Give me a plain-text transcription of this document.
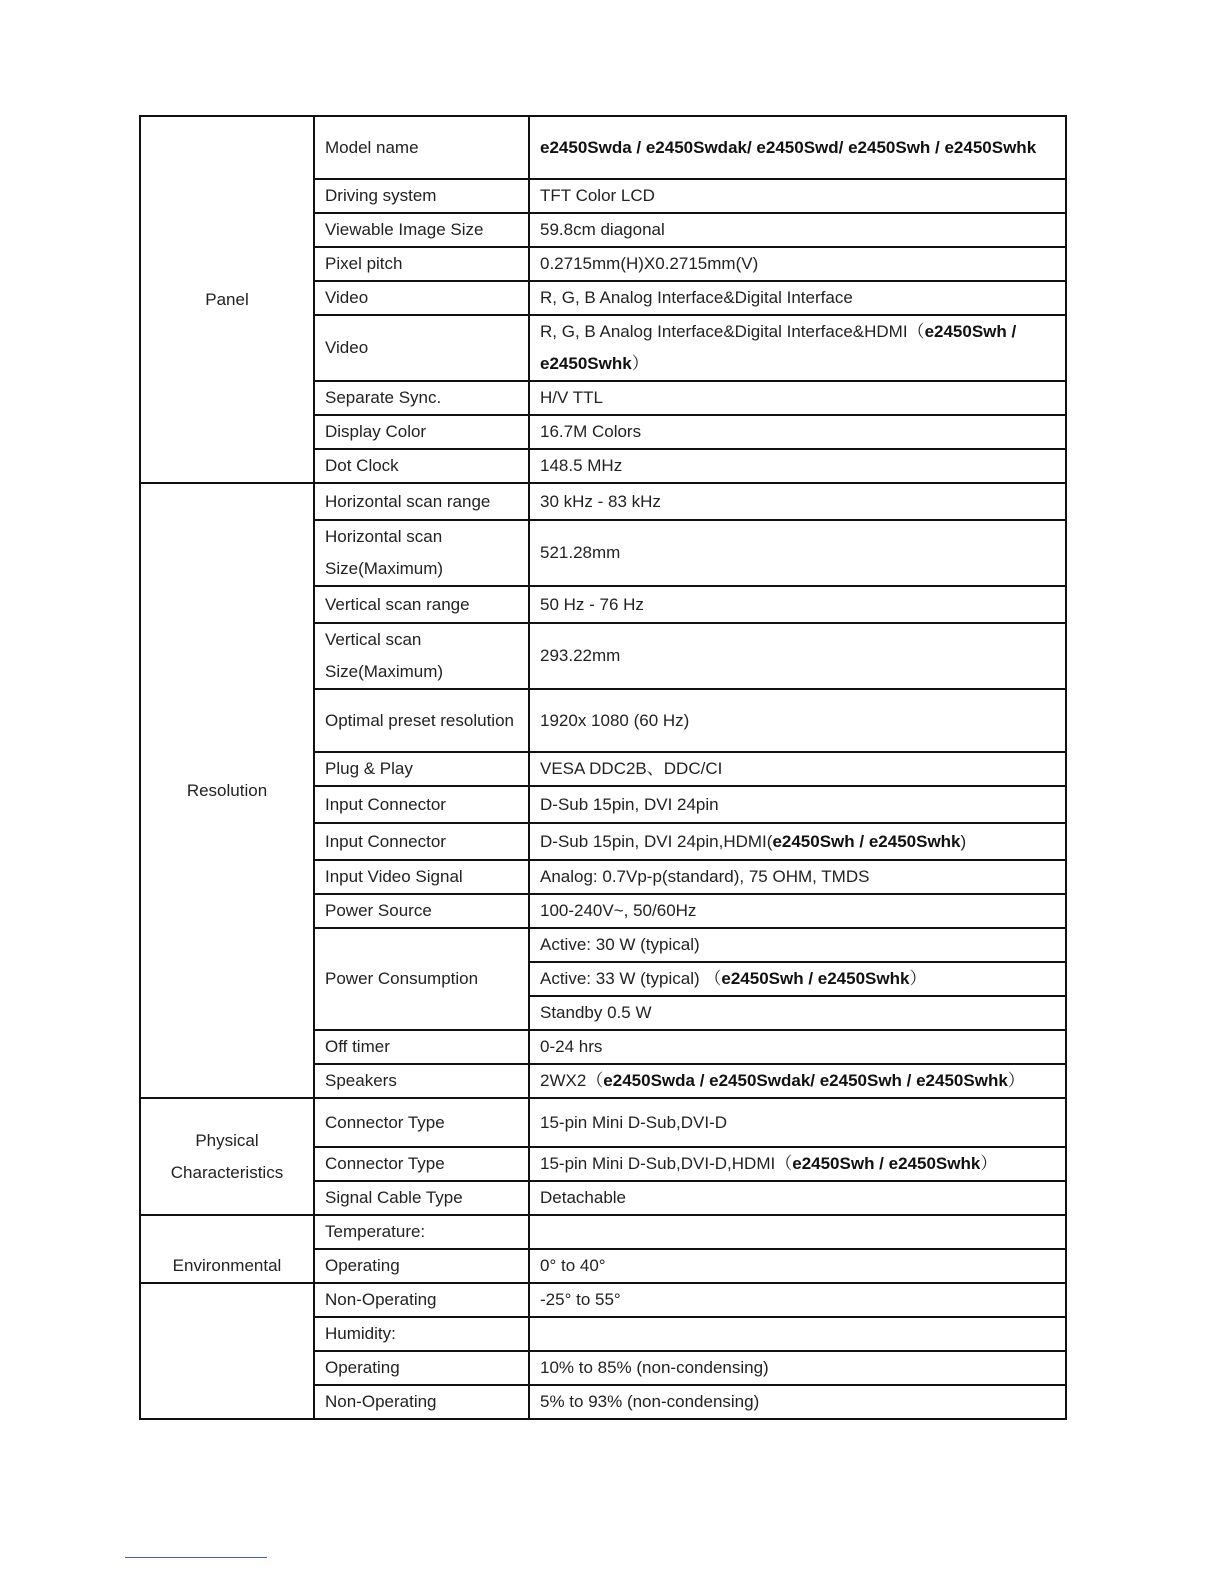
Panel	Model name	e2450Swda / e2450Swdak/ e2450Swd/ e2450Swh / e2450Swhk
	Driving system	TFT Color LCD
	Viewable Image Size	59.8cm diagonal
	Pixel pitch	0.2715mm(H)X0.2715mm(V)
	Video	R, G, B Analog Interface&Digital Interface
	Video	R, G, B Analog Interface&Digital Interface&HDMI（e2450Swh / e2450Swhk）
	Separate Sync.	H/V TTL
	Display Color	16.7M Colors
	Dot Clock	148.5 MHz
Resolution	Horizontal scan range	30 kHz - 83 kHz
	Horizontal scan Size(Maximum)	521.28mm
	Vertical scan range	50 Hz - 76 Hz
	Vertical scan Size(Maximum)	293.22mm
	Optimal preset resolution	1920x 1080 (60 Hz)
	Plug & Play	VESA DDC2B、DDC/CI
	Input Connector	D-Sub 15pin, DVI 24pin
	Input Connector	D-Sub 15pin, DVI 24pin,HDMI(e2450Swh / e2450Swhk)
	Input Video Signal	Analog: 0.7Vp-p(standard), 75 OHM, TMDS
	Power Source	100-240V~, 50/60Hz
	Power Consumption	Active: 30 W (typical)
		Active: 33 W (typical) （e2450Swh / e2450Swhk）
		Standby 0.5 W
	Off timer	0-24 hrs
	Speakers	2WX2（e2450Swda / e2450Swdak/ e2450Swh / e2450Swhk）

Physical
Characteristics	Connector Type	15-pin Mini D-Sub,DVI-D
	Connector Type	15-pin Mini D-Sub,DVI-D,HDMI（e2450Swh / e2450Swhk）
	Signal Cable Type	Detachable
Environmental	Temperature:	
	Operating	0° to 40°
	Non-Operating	-25° to 55°
	Humidity:	
	Operating	10% to 85% (non-condensing)
	Non-Operating	5% to 93% (non-condensing)
